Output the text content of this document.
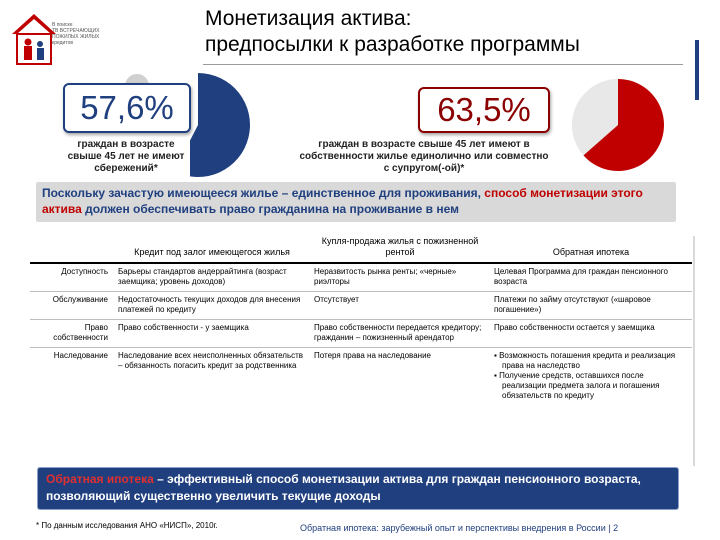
В поиске
ТВ ВСТРЕЧАЮЩИХ
ПОЖИЛЫХ ЖИЛЫХ
кредитов
Монетизация актива:
предпосылки к разработке программы
57,6%
граждан в возрасте свыше 45 лет не имеют сбережений*
63,5%
граждан в возрасте свыше 45 лет имеют в собственности жилье единолично или совместно с супругом(-ой)*
Поскольку зачастую имеющееся жилье – единственное для проживания, способ монетизации этого актива должен обеспечивать право гражданина на проживание в нем
	Кредит под залог имеющегося жилья	Купля-продажа жилья с пожизненной рентой	Обратная ипотека
Доступность	Барьеры стандартов андеррайтинга (возраст заемщика; уровень доходов)	Неразвитость рынка ренты; «черные» риэлторы	Целевая Программа для граждан пенсионного возраста
Обслуживание	Недостаточность текущих доходов для внесения платежей по кредиту	Отсутствует	Платежи по займу отсутствуют («шаровое погашение»)
Право собственности	Право собственности - у заемщика	Право собственности передается кредитору; гражданин – пожизненный арендатор	Право собственности остается у заемщика
Наследование	Наследование всех неисполненных обязательств – обязанность погасить кредит за родственника	Потеря права на наследование	▪ Возможность погашения кредита и реализация права на наследство
▪ Получение средств, оставшихся после реализации предмета залога и погашения обязательств по кредиту
Обратная ипотека – эффективный способ монетизации актива для граждан пенсионного возраста, позволяющий существенно увеличить текущие доходы
* По данным исследования АНО «НИСП», 2010г.	Обратная ипотека: зарубежный опыт и перспективы внедрения в России | 2
